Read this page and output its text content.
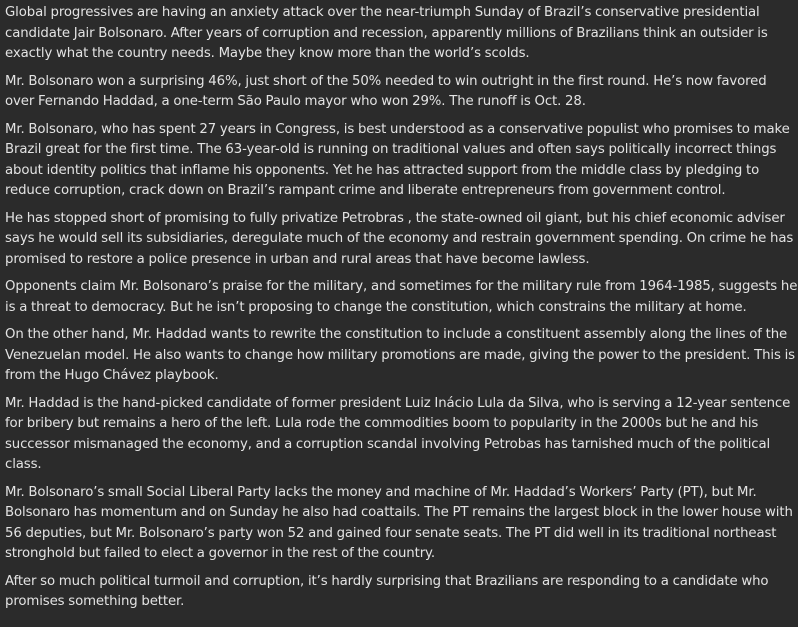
Global progressives are having an anxiety attack over the near-triumph Sunday of Brazil’s conservative presidential candidate Jair Bolsonaro. After years of corruption and recession, apparently millions of Brazilians think an outsider is exactly what the country needs. Maybe they know more than the world’s scolds.

Mr. Bolsonaro won a surprising 46%, just short of the 50% needed to win outright in the first round. He’s now favored over Fernando Haddad, a one-term São Paulo mayor who won 29%. The runoff is Oct. 28.

Mr. Bolsonaro, who has spent 27 years in Congress, is best understood as a conservative populist who promises to make Brazil great for the first time. The 63-year-old is running on traditional values and often says politically incorrect things about identity politics that inflame his opponents. Yet he has attracted support from the middle class by pledging to reduce corruption, crack down on Brazil’s rampant crime and liberate entrepreneurs from government control.

He has stopped short of promising to fully privatize Petrobras , the state-owned oil giant, but his chief economic adviser says he would sell its subsidiaries, deregulate much of the economy and restrain government spending. On crime he has promised to restore a police presence in urban and rural areas that have become lawless.

Opponents claim Mr. Bolsonaro’s praise for the military, and sometimes for the military rule from 1964-1985, suggests he is a threat to democracy. But he isn’t proposing to change the constitution, which constrains the military at home.

On the other hand, Mr. Haddad wants to rewrite the constitution to include a constituent assembly along the lines of the Venezuelan model. He also wants to change how military promotions are made, giving the power to the president. This is from the Hugo Chávez playbook.

Mr. Haddad is the hand-picked candidate of former president Luiz Inácio Lula da Silva, who is serving a 12-year sentence for bribery but remains a hero of the left. Lula rode the commodities boom to popularity in the 2000s but he and his successor mismanaged the economy, and a corruption scandal involving Petrobas has tarnished much of the political class.

Mr. Bolsonaro’s small Social Liberal Party lacks the money and machine of Mr. Haddad’s Workers’ Party (PT), but Mr. Bolsonaro has momentum and on Sunday he also had coattails. The PT remains the largest block in the lower house with 56 deputies, but Mr. Bolsonaro’s party won 52 and gained four senate seats. The PT did well in its traditional northeast stronghold but failed to elect a governor in the rest of the country.

After so much political turmoil and corruption, it’s hardly surprising that Brazilians are responding to a candidate who promises something better.
